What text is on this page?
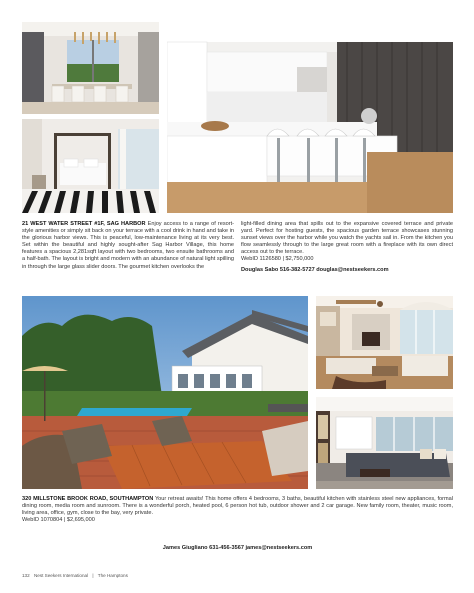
21 WEST WATER STREET #1F, SAG HARBOR Enjoy access to a range of resort-style amenities or simply sit back on your terrace with a cool drink in hand and take in the glorious harbor views. This is peaceful, low-maintenance living at its very best. Set within the beautiful and highly sought-after Sag Harbor Village, this home features a spacious 2,281sqft layout with two bedrooms, two ensuite bathrooms and a half-bath. The layout is bright and modern with an abundance of natural light spilling in through the large glass slider doors. The gourmet kitchen overlooks the
light-filled dining area that spills out to the expansive covered terrace and private yard. Perfect for hosting guests, the spacious garden terrace showcases stunning sunset views over the harbor while you watch the yachts sail in. From the kitchen you flow seamlessly through to the large great room with a fireplace with its own direct access out to the terrace.
WebID 1126580 | $2,750,000
Douglas Sabo 516-382-5727 douglas@nestseekers.com
320 MILLSTONE BROOK ROAD, SOUTHAMPTON Your retreat awaits! This home offers 4 bedrooms, 3 baths, beautiful kitchen with stainless steel new appliances, formal dining room, media room and sunroom. There is a wonderful porch, heated pool, 6 person hot tub, outdoor shower and 2 car garage. New family room, theater, music room, living area, office, gym, close to the bay, very private.
WebID 1070804 | $2,695,000
James Giugliano 631-456-3567 james@nestseekers.com
132 Nest Seekers International | The Hamptons
